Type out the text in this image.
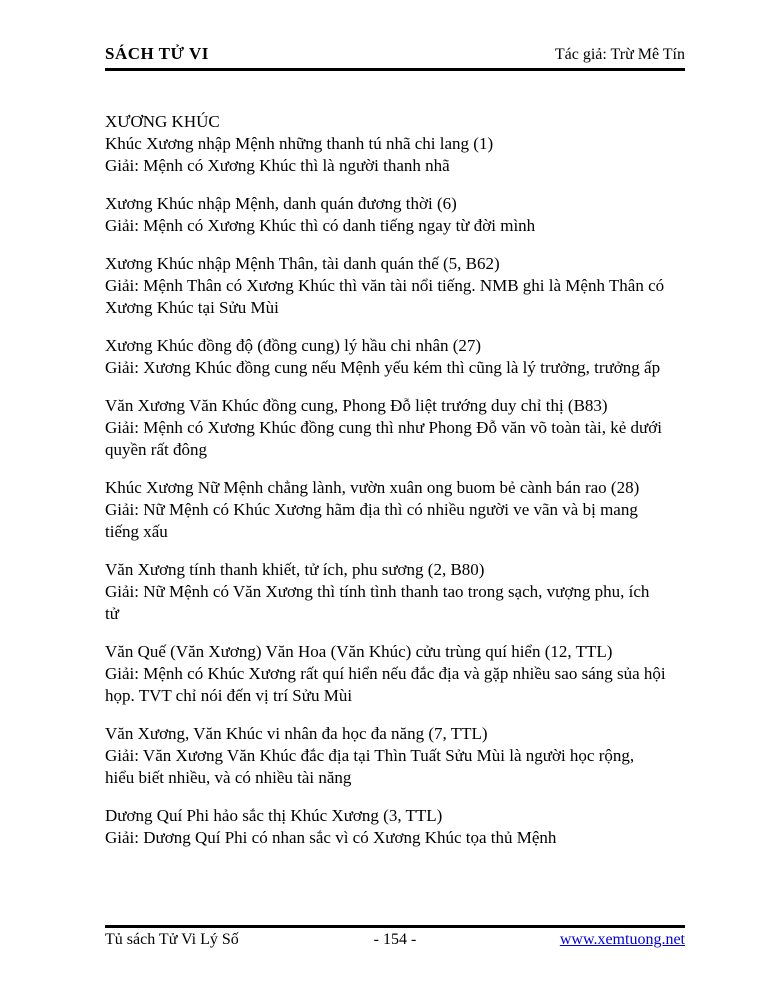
SÁCH TỬ VI	Tác giả: Trừ Mê Tín
XƯƠNG KHÚC
Khúc Xương nhập Mệnh những thanh tú nhã chi lang (1)
Giải: Mệnh có Xương Khúc thì là người thanh nhã
Xương Khúc nhập Mệnh, danh quán đương thời (6)
Giải: Mệnh có Xương Khúc thì có danh tiếng ngay từ đời mình
Xương Khúc nhập Mệnh Thân, tài danh quán thế (5, B62)
Giải: Mệnh Thân có Xương Khúc thì văn tài nổi tiếng. NMB ghi là Mệnh Thân có
Xương Khúc tại Sửu Mùi
Xương Khúc đồng độ (đồng cung) lý hầu chi nhân (27)
Giải: Xương Khúc đồng cung nếu Mệnh yếu kém thì cũng là lý trưởng, trưởng ấp
Văn Xương Văn Khúc đồng cung, Phong Đỗ liệt trướng duy chỉ thị (B83)
Giải: Mệnh có Xương Khúc đồng cung thì như Phong Đỗ văn võ toàn tài, kẻ dưới
quyền rất đông
Khúc Xương Nữ Mệnh chẳng lành, vườn xuân ong buom bẻ cành bán rao (28)
Giải: Nữ Mệnh có Khúc Xương hãm địa thì có nhiều người ve vãn và bị mang
tiếng xấu
Văn Xương tính thanh khiết, tử ích, phu sương (2, B80)
Giải: Nữ Mệnh có Văn Xương thì tính tình thanh tao trong sạch, vượng phu, ích
tử
Văn Quế (Văn Xương) Văn Hoa (Văn Khúc) cửu trùng quí hiển (12, TTL)
Giải: Mệnh có Khúc Xương rất quí hiển nếu đắc địa và gặp nhiều sao sáng sủa hội
họp. TVT chỉ nói đến vị trí Sửu Mùi
Văn Xương, Văn Khúc vi nhân đa học đa năng (7, TTL)
Giải: Văn Xương Văn Khúc đắc địa tại Thìn Tuất Sửu Mùi là người học rộng,
hiểu biết nhiều, và có nhiều tài năng
Dương Quí Phi hảo sắc thị Khúc Xương (3, TTL)
Giải: Dương Quí Phi có nhan sắc vì có Xương Khúc tọa thủ Mệnh
Tủ sách Tử Vi Lý Số	- 154 -	www.xemtuong.net
